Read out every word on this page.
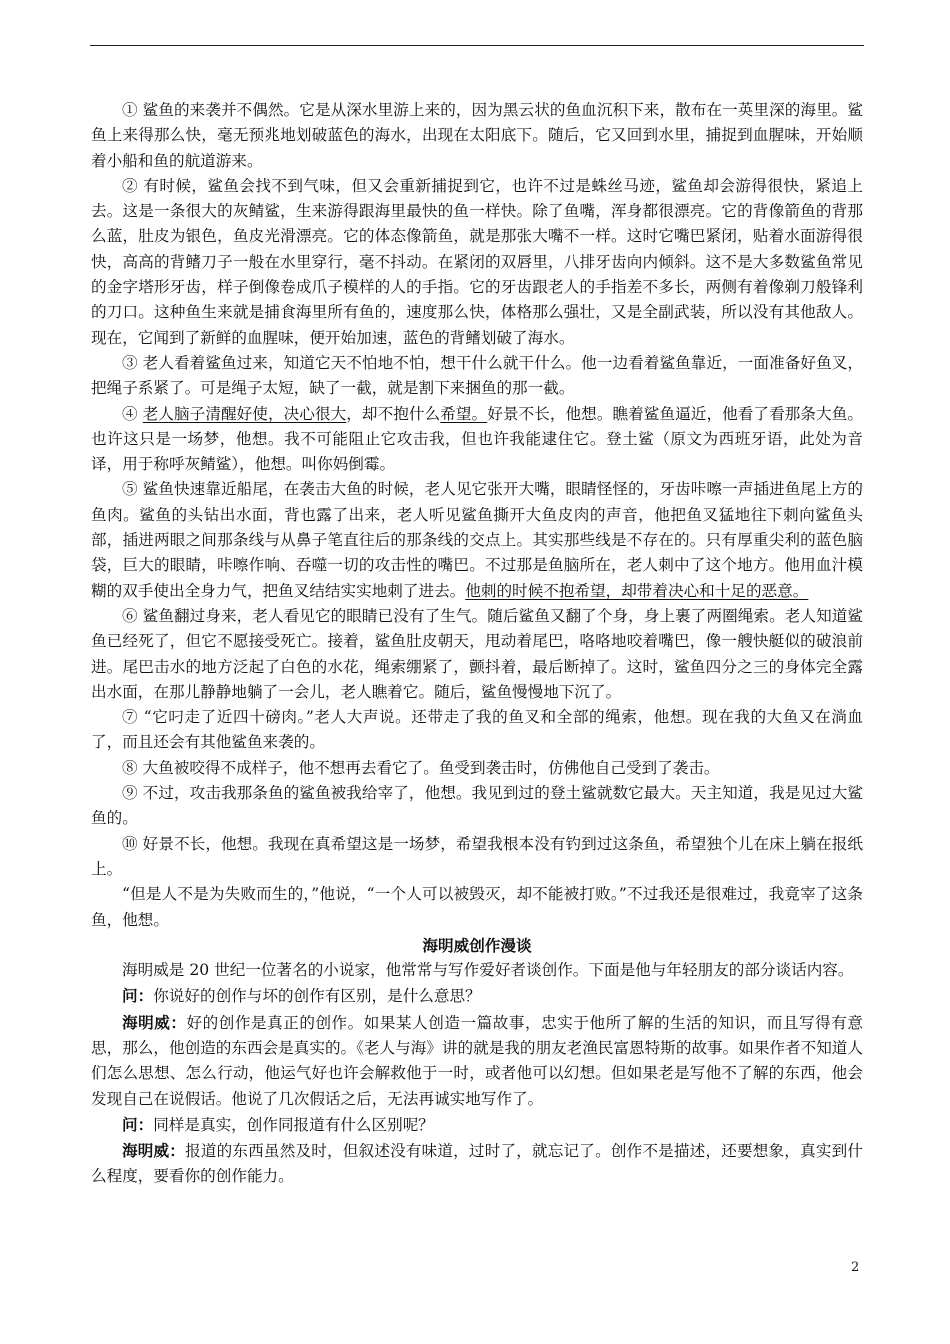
① 鲨鱼的来袭并不偶然。它是从深水里游上来的，因为黑云状的鱼血沉积下来，散布在一英里深的海里。鲨鱼上来得那么快，毫无预兆地划破蓝色的海水，出现在太阳底下。随后，它又回到水里，捕捉到血腥味，开始顺着小船和鱼的航道游来。

② 有时候，鲨鱼会找不到气味，但又会重新捕捉到它，也许不过是蛛丝马迹，鲨鱼却会游得很快，紧追上去。这是一条很大的灰鲭鲨，生来游得跟海里最快的鱼一样快。除了鱼嘴，浑身都很漂亮。它的背像箭鱼的背那么蓝，肚皮为银色，鱼皮光滑漂亮。它的体态像箭鱼，就是那张大嘴不一样。这时它嘴巴紧闭，贴着水面游得很快，高高的背鳍刀子一般在水里穿行，毫不抖动。在紧闭的双唇里，八排牙齿向内倾斜。这不是大多数鲨鱼常见的金字塔形牙齿，样子倒像卷成爪子模样的人的手指。它的牙齿跟老人的手指差不多长，两侧有着像剃刀般锋利的刀口。这种鱼生来就是捕食海里所有鱼的，速度那么快，体格那么强壮，又是全副武装，所以没有其他敌人。现在，它闻到了新鲜的血腥味，便开始加速，蓝色的背鳍划破了海水。

③ 老人看着鲨鱼过来，知道它天不怕地不怕，想干什么就干什么。他一边看着鲨鱼靠近，一面准备好鱼叉，把绳子系紧了。可是绳子太短，缺了一截，就是割下来捆鱼的那一截。

④ 老人脑子清醒好使，决心很大，却不抱什么希望。好景不长，他想。瞧着鲨鱼逼近，他看了看那条大鱼。也许这只是一场梦，他想。我不可能阻止它攻击我，但也许我能逮住它。登土鲨（原文为西班牙语，此处为音译，用于称呼灰鲭鲨），他想。叫你妈倒霉。

⑤ 鲨鱼快速靠近船尾，在袭击大鱼的时候，老人见它张开大嘴，眼睛怪怪的，牙齿咔嚓一声插进鱼尾上方的鱼肉。鲨鱼的头钻出水面，背也露了出来，老人听见鲨鱼撕开大鱼皮肉的声音，他把鱼叉猛地往下刺向鲨鱼头部，插进两眼之间那条线与从鼻子笔直往后的那条线的交点上。其实那些线是不存在的。只有厚重尖利的蓝色脑袋，巨大的眼睛，咔嚓作响、吞噬一切的攻击性的嘴巴。不过那是鱼脑所在，老人刺中了这个地方。他用血汁模糊的双手使出全身力气，把鱼叉结结实实地刺了进去。他刺的时候不抱希望，却带着决心和十足的恶意。

⑥ 鲨鱼翻过身来，老人看见它的眼睛已没有了生气。随后鲨鱼又翻了个身，身上裹了两圈绳索。老人知道鲨鱼已经死了，但它不愿接受死亡。接着，鲨鱼肚皮朝天，甩动着尾巴，咯咯地咬着嘴巴，像一艘快艇似的破浪前进。尾巴击水的地方泛起了白色的水花，绳索绷紧了，颤抖着，最后断掉了。这时，鲨鱼四分之三的身体完全露出水面，在那儿静静地躺了一会儿，老人瞧着它。随后，鲨鱼慢慢地下沉了。

⑦ “它叼走了近四十磅肉。”老人大声说。还带走了我的鱼叉和全部的绳索，他想。现在我的大鱼又在淌血了，而且还会有其他鲨鱼来袭的。

⑧ 大鱼被咬得不成样子，他不想再去看它了。鱼受到袭击时，仿佛他自己受到了袭击。

⑨ 不过，攻击我那条鱼的鲨鱼被我给宰了，他想。我见到过的登土鲨就数它最大。天主知道，我是见过大鲨鱼的。

⑩ 好景不长，他想。我现在真希望这是一场梦，希望我根本没有钓到过这条鱼，希望独个儿在床上躺在报纸上。

“但是人不是为失败而生的，”他说，“一个人可以被毁灭，却不能被打败。”不过我还是很难过，我竟宰了这条鱼，他想。

海明威创作漫谈

海明威是 20 世纪一位著名的小说家，他常常与写作爱好者谈创作。下面是他与年轻朋友的部分谈话内容。

问：你说好的创作与坏的创作有区别，是什么意思？

海明威：好的创作是真正的创作。如果某人创造一篇故事，忠实于他所了解的生活的知识，而且写得有意思，那么，他创造的东西会是真实的。《老人与海》讲的就是我的朋友老渔民富恩特斯的故事。如果作者不知道人们怎么思想、怎么行动，他运气好也许会解救他于一时，或者他可以幻想。但如果老是写他不了解的东西，他会发现自己在说假话。他说了几次假话之后，无法再诚实地写作了。

问：同样是真实，创作同报道有什么区别呢？

海明威：报道的东西虽然及时，但叙述没有味道，过时了，就忘记了。创作不是描述，还要想象，真实到什么程度，要看你的创作能力。

2
